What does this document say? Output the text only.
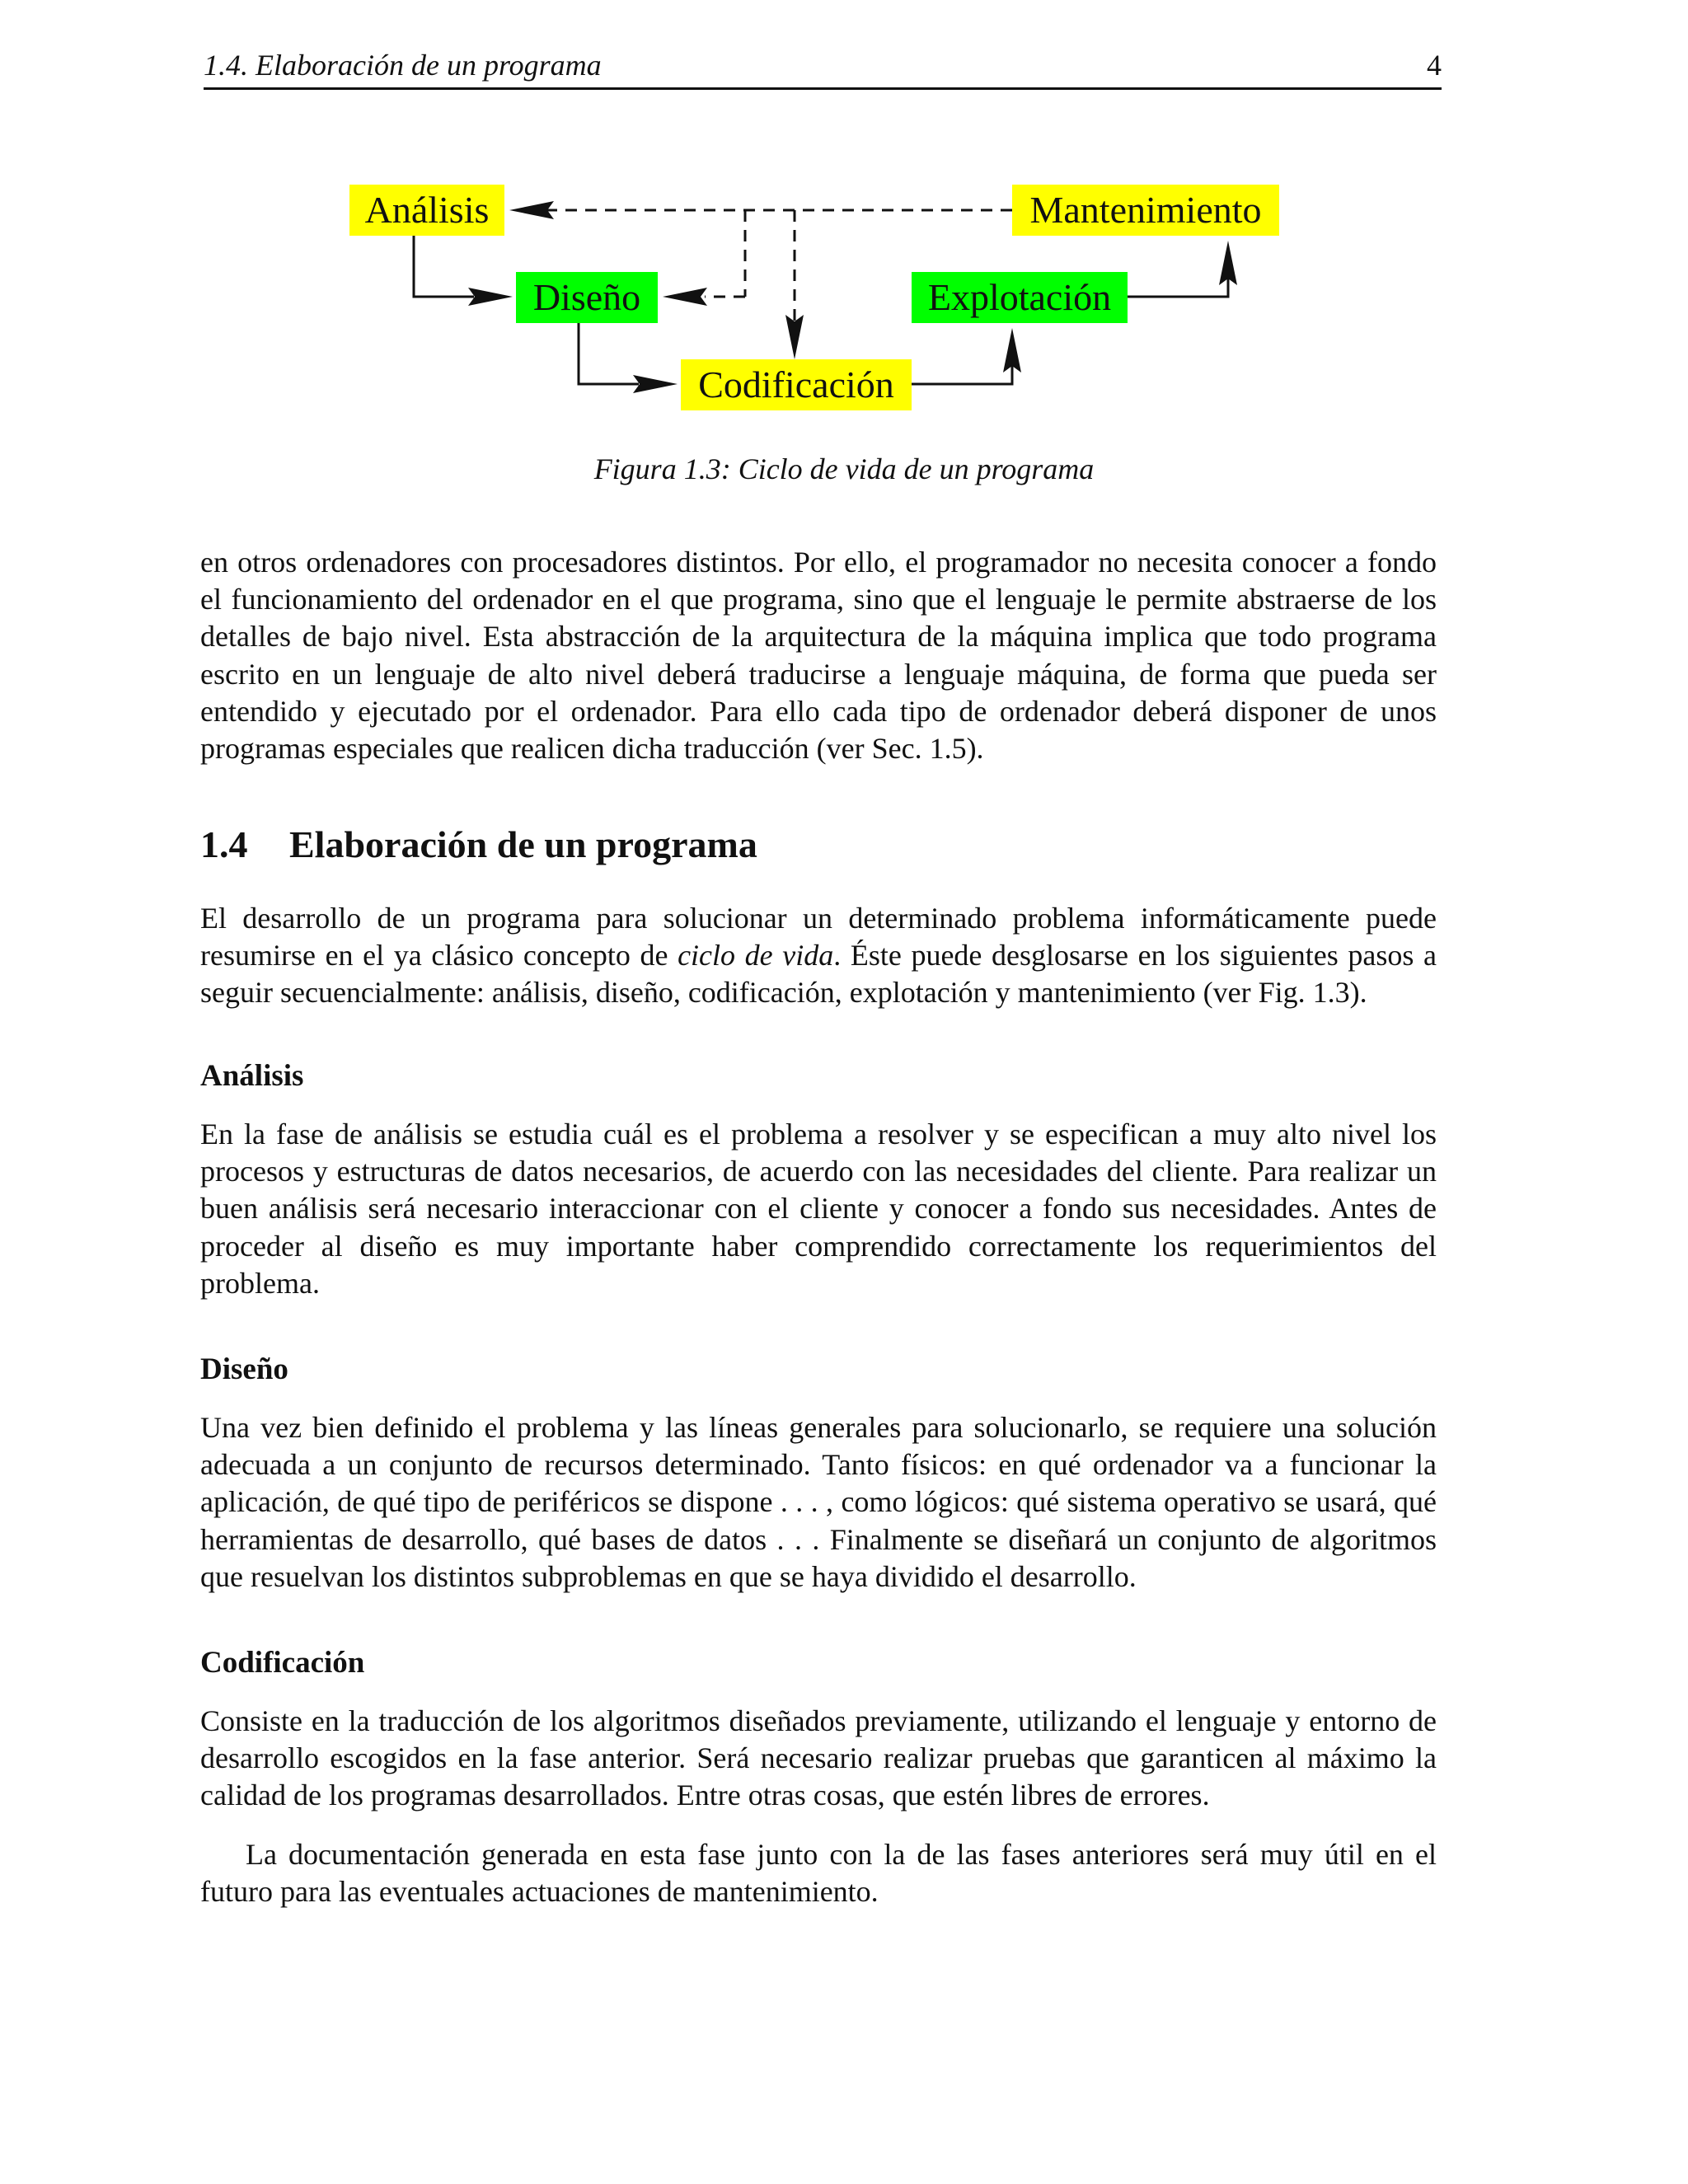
1.4. Elaboración de un programa	4
Análisis
Diseño
Codificación
Explotación
Mantenimiento
Figura 1.3: Ciclo de vida de un programa
en otros ordenadores con procesadores distintos. Por ello, el programador no necesita conocer a fondo el funcionamiento del ordenador en el que programa, sino que el lenguaje le permite abstraerse de los detalles de bajo nivel. Esta abstracción de la arquitectura de la máquina implica que todo programa escrito en un lenguaje de alto nivel deberá traducirse a lenguaje máquina, de forma que pueda ser entendido y ejecutado por el ordenador. Para ello cada tipo de ordenador deberá disponer de unos programas especiales que realicen dicha traducción (ver Sec. 1.5).
1.4 Elaboración de un programa
El desarrollo de un programa para solucionar un determinado problema informáticamente puede resumirse en el ya clásico concepto de ciclo de vida. Éste puede desglosarse en los siguientes pasos a seguir secuencialmente: análisis, diseño, codificación, explotación y mantenimiento (ver Fig. 1.3).
Análisis
En la fase de análisis se estudia cuál es el problema a resolver y se especifican a muy alto nivel los procesos y estructuras de datos necesarios, de acuerdo con las necesidades del cliente. Para realizar un buen análisis será necesario interaccionar con el cliente y conocer a fondo sus necesidades. Antes de proceder al diseño es muy importante haber comprendido correctamente los requerimientos del problema.
Diseño
Una vez bien definido el problema y las líneas generales para solucionarlo, se requiere una solución adecuada a un conjunto de recursos determinado. Tanto físicos: en qué ordenador va a funcionar la aplicación, de qué tipo de periféricos se dispone . . . , como lógicos: qué sistema operativo se usará, qué herramientas de desarrollo, qué bases de datos . . . Finalmente se diseñará un conjunto de algoritmos que resuelvan los distintos subproblemas en que se haya dividido el desarrollo.
Codificación
Consiste en la traducción de los algoritmos diseñados previamente, utilizando el lenguaje y entorno de desarrollo escogidos en la fase anterior. Será necesario realizar pruebas que garanticen al máximo la calidad de los programas desarrollados. Entre otras cosas, que estén libres de errores.
La documentación generada en esta fase junto con la de las fases anteriores será muy útil en el futuro para las eventuales actuaciones de mantenimiento.
